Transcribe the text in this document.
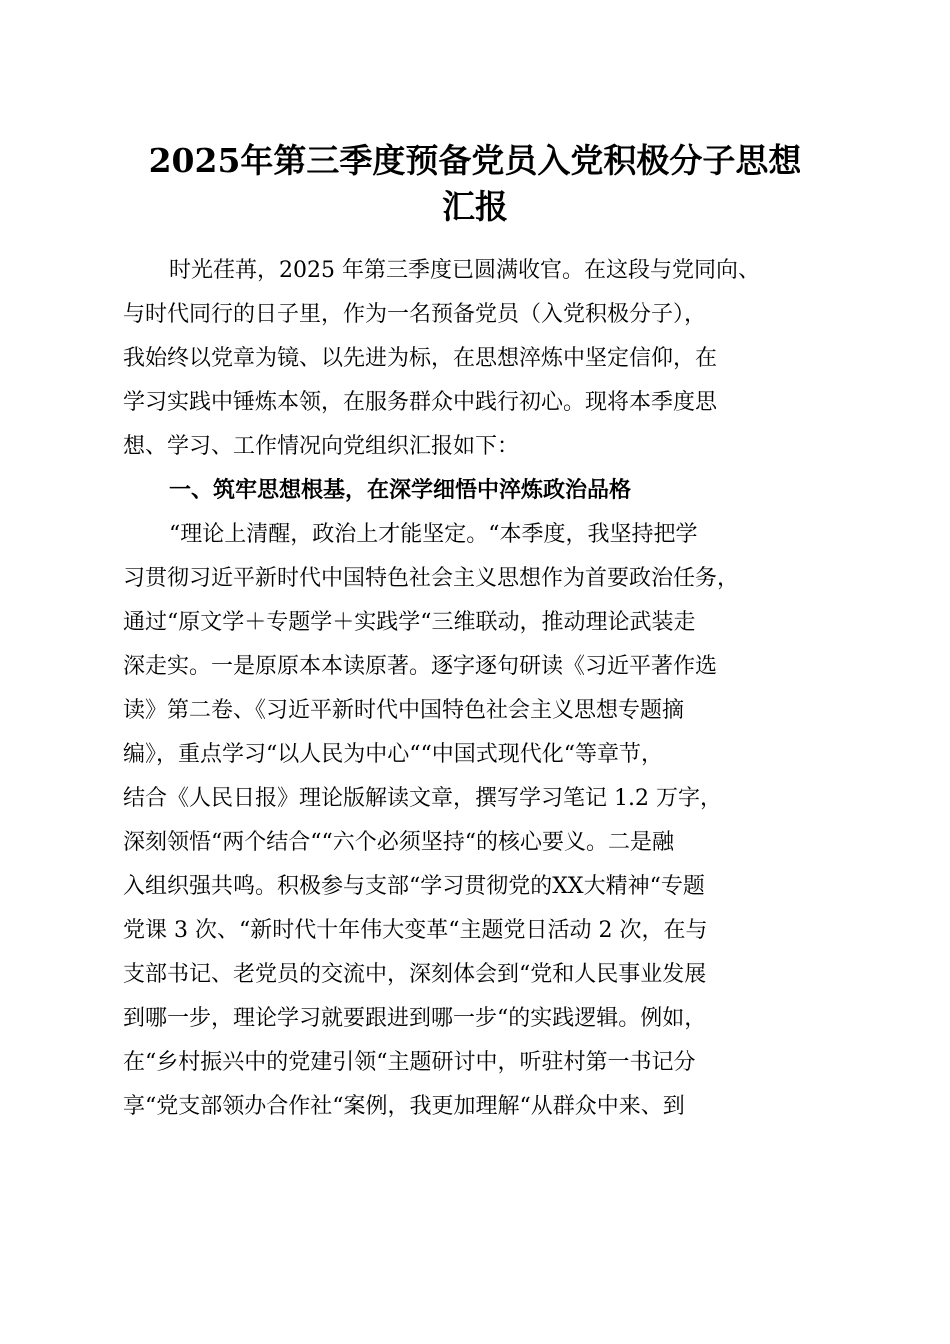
2025年第三季度预备党员入党积极分子思想
汇报
时光荏苒，2025 年第三季度已圆满收官。在这段与党同向、
与时代同行的日子里，作为一名预备党员（入党积极分子），
我始终以党章为镜、以先进为标，在思想淬炼中坚定信仰，在
学习实践中锤炼本领，在服务群众中践行初心。现将本季度思
想、学习、工作情况向党组织汇报如下：
一、筑牢思想根基，在深学细悟中淬炼政治品格
“理论上清醒，政治上才能坚定。“本季度，我坚持把学
习贯彻习近平新时代中国特色社会主义思想作为首要政治任务，
通过“原文学＋专题学＋实践学“三维联动，推动理论武装走
深走实。一是原原本本读原著。逐字逐句研读《习近平著作选
读》第二卷、《习近平新时代中国特色社会主义思想专题摘
编》，重点学习“以人民为中心““中国式现代化“等章节，
结合《人民日报》理论版解读文章，撰写学习笔记 1.2 万字，
深刻领悟“两个结合““六个必须坚持“的核心要义。二是融
入组织强共鸣。积极参与支部“学习贯彻党的XX大精神“专题
党课 3 次、“新时代十年伟大变革“主题党日活动 2 次，在与
支部书记、老党员的交流中，深刻体会到“党和人民事业发展
到哪一步，理论学习就要跟进到哪一步“的实践逻辑。例如，
在“乡村振兴中的党建引领“主题研讨中，听驻村第一书记分
享“党支部领办合作社“案例，我更加理解“从群众中来、到
